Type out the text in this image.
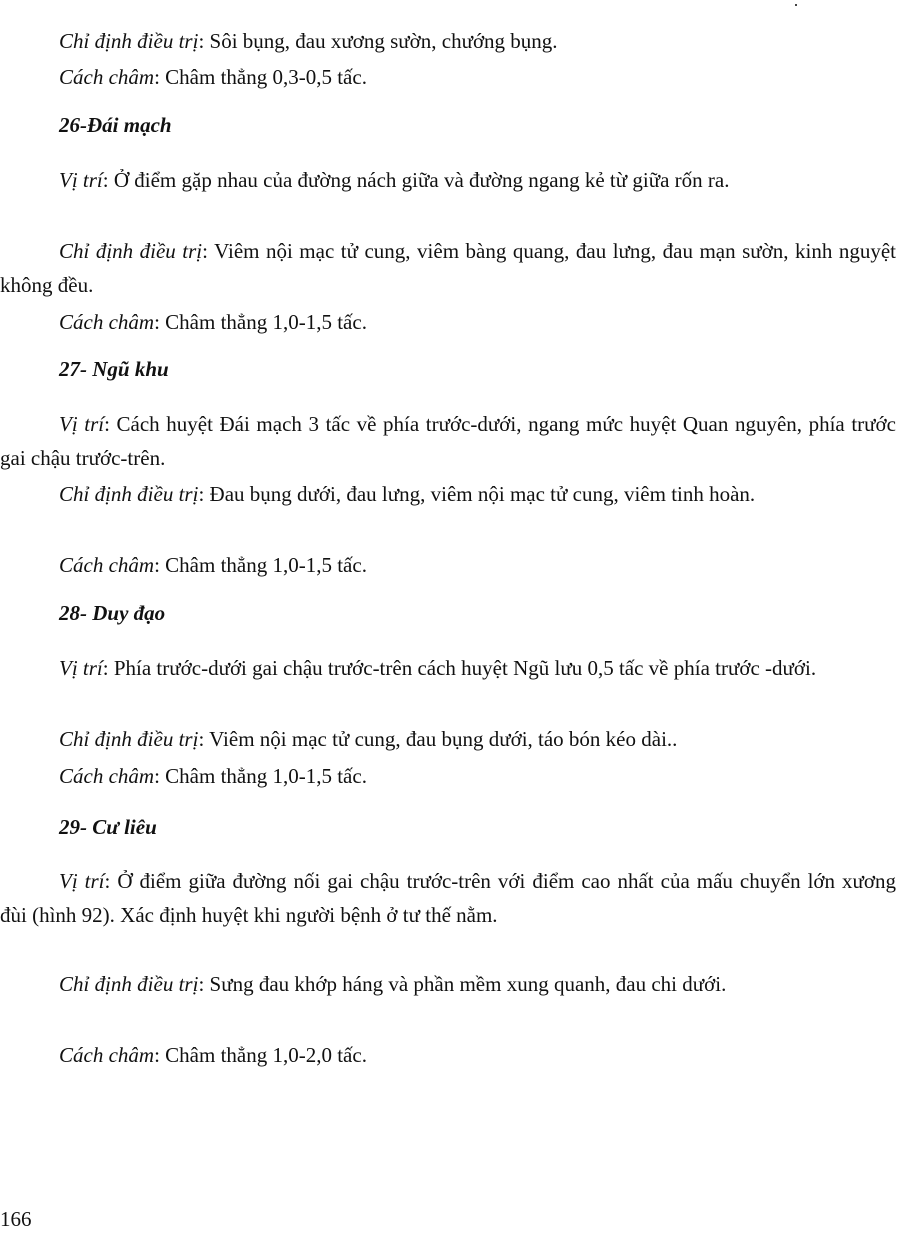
Chỉ định điều trị: Sôi bụng, đau xương sườn, chướng bụng.
Cách châm: Châm thẳng 0,3-0,5 tấc.
26-Đái mạch
Vị trí: Ở điểm gặp nhau của đường nách giữa và đường ngang kẻ từ giữa rốn ra.
Chỉ định điều trị: Viêm nội mạc tử cung, viêm bàng quang, đau lưng, đau mạn sườn, kinh nguyệt không đều.
Cách châm: Châm thẳng 1,0-1,5 tấc.
27- Ngũ khu
Vị trí: Cách huyệt Đái mạch 3 tấc về phía trước-dưới, ngang mức huyệt Quan nguyên, phía trước gai chậu trước-trên.
Chỉ định điều trị: Đau bụng dưới, đau lưng, viêm nội mạc tử cung, viêm tinh hoàn.
Cách châm: Châm thẳng 1,0-1,5 tấc.
28- Duy đạo
Vị trí: Phía trước-dưới gai chậu trước-trên cách huyệt Ngũ lưu 0,5 tấc về phía trước -dưới.
Chỉ định điều trị: Viêm nội mạc tử cung, đau bụng dưới, táo bón kéo dài..
Cách châm: Châm thẳng 1,0-1,5 tấc.
29- Cư liêu
Vị trí: Ở điểm giữa đường nối gai chậu trước-trên với điểm cao nhất của mấu chuyển lớn xương đùi (hình 92). Xác định huyệt khi người bệnh ở tư thế nằm.
Chỉ định điều trị: Sưng đau khớp háng và phần mềm xung quanh, đau chi dưới.
Cách châm: Châm thẳng 1,0-2,0 tấc.
166
